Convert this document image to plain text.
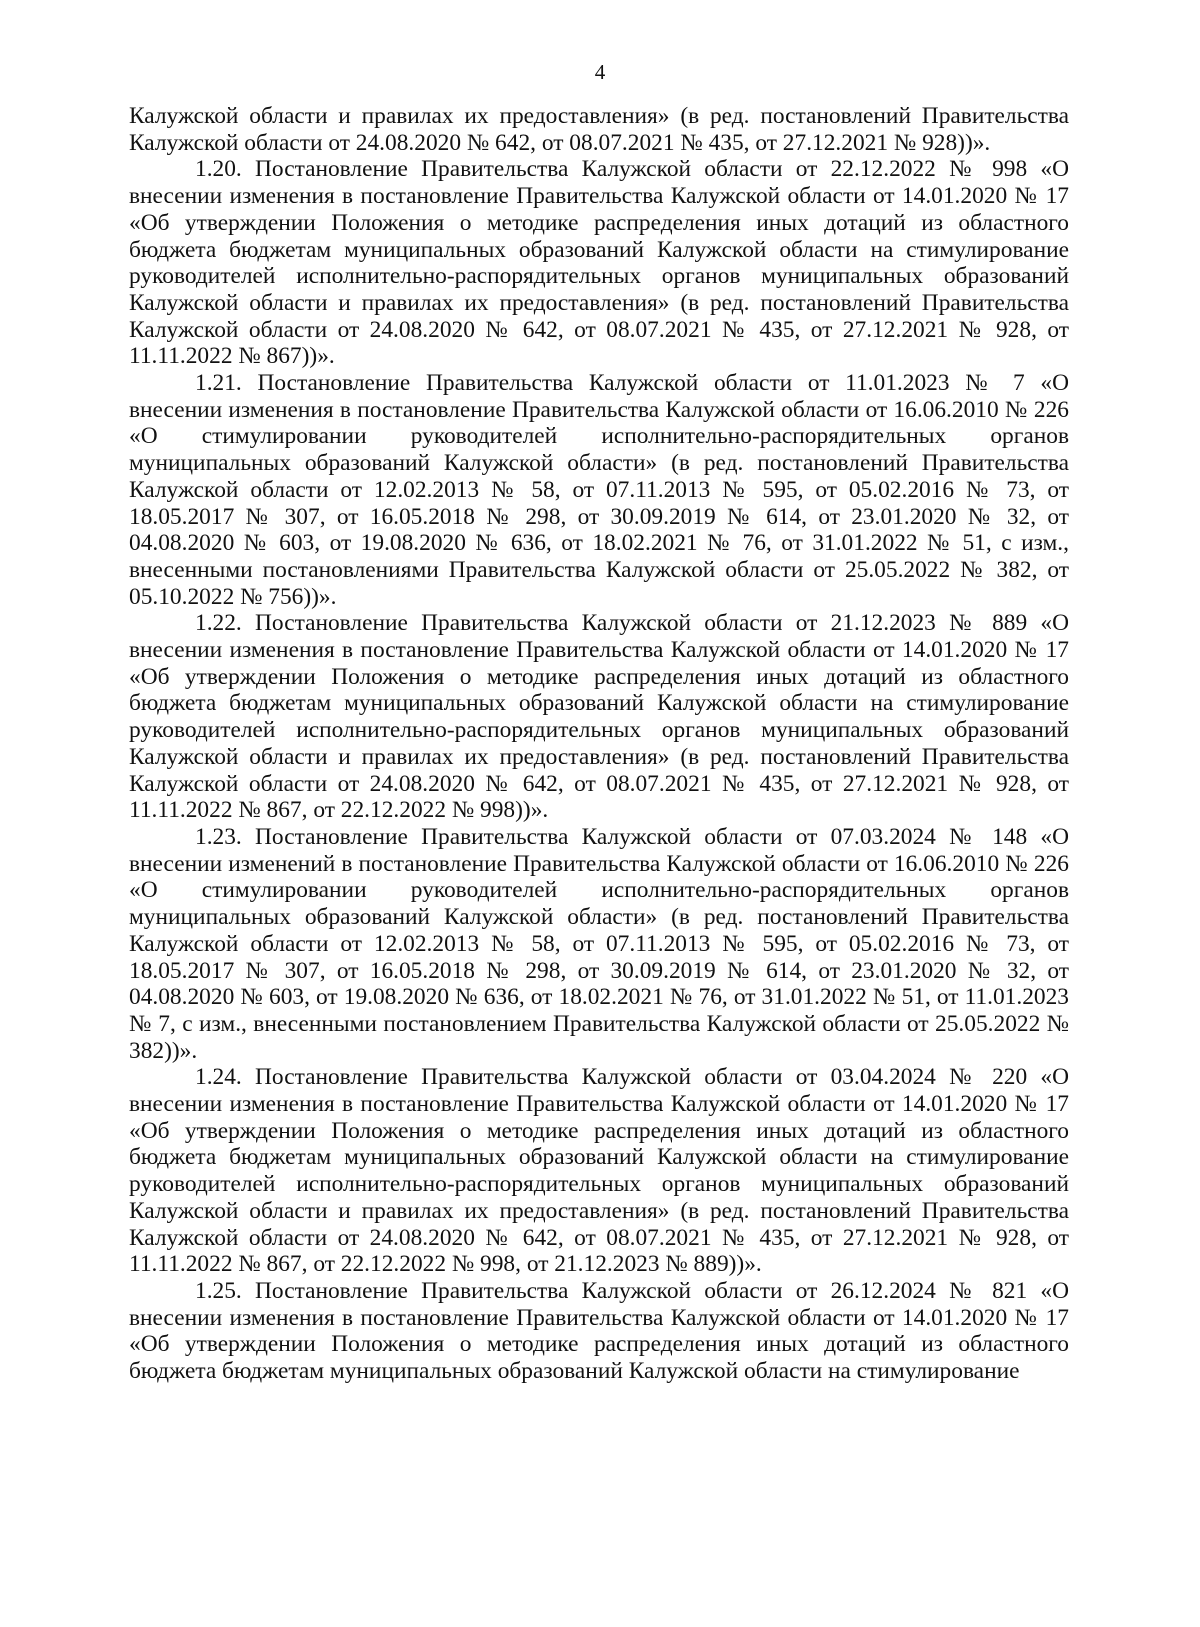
4

Калужской области и правилах их предоставления» (в ред. постановлений Правительства Калужской области от 24.08.2020 № 642, от 08.07.2021 № 435, от 27.12.2021 № 928))».

1.20. Постановление Правительства Калужской области от 22.12.2022 № 998 «О внесении изменения в постановление Правительства Калужской области от 14.01.2020 № 17 «Об утверждении Положения о методике распределения иных дотаций из областного бюджета бюджетам муниципальных образований Калужской области на стимулирование руководителей исполнительно-распорядительных органов муниципальных образований Калужской области и правилах их предоставления» (в ред. постановлений Правительства Калужской области от 24.08.2020 № 642, от 08.07.2021 № 435, от 27.12.2021 № 928, от 11.11.2022 № 867))».

1.21. Постановление Правительства Калужской области от 11.01.2023 № 7 «О внесении изменения в постановление Правительства Калужской области от 16.06.2010 № 226 «О стимулировании руководителей исполнительно-распорядительных органов муниципальных образований Калужской области» (в ред. постановлений Правительства Калужской области от 12.02.2013 № 58, от 07.11.2013 № 595, от 05.02.2016 № 73, от 18.05.2017 № 307, от 16.05.2018 № 298, от 30.09.2019 № 614, от 23.01.2020 № 32, от 04.08.2020 № 603, от 19.08.2020 № 636, от 18.02.2021 № 76, от 31.01.2022 № 51, с изм., внесенными постановлениями Правительства Калужской области от 25.05.2022 № 382, от 05.10.2022 № 756))».

1.22. Постановление Правительства Калужской области от 21.12.2023 № 889 «О внесении изменения в постановление Правительства Калужской области от 14.01.2020 № 17 «Об утверждении Положения о методике распределения иных дотаций из областного бюджета бюджетам муниципальных образований Калужской области на стимулирование руководителей исполнительно-распорядительных органов муниципальных образований Калужской области и правилах их предоставления» (в ред. постановлений Правительства Калужской области от 24.08.2020 № 642, от 08.07.2021 № 435, от 27.12.2021 № 928, от 11.11.2022 № 867, от 22.12.2022 № 998))».

1.23. Постановление Правительства Калужской области от 07.03.2024 № 148 «О внесении изменений в постановление Правительства Калужской области от 16.06.2010 № 226 «О стимулировании руководителей исполнительно-распорядительных органов муниципальных образований Калужской области» (в ред. постановлений Правительства Калужской области от 12.02.2013 № 58, от 07.11.2013 № 595, от 05.02.2016 № 73, от 18.05.2017 № 307, от 16.05.2018 № 298, от 30.09.2019 № 614, от 23.01.2020 № 32, от 04.08.2020 № 603, от 19.08.2020 № 636, от 18.02.2021 № 76, от 31.01.2022 № 51, от 11.01.2023 № 7, с изм., внесенными постановлением Правительства Калужской области от 25.05.2022 № 382))».

1.24. Постановление Правительства Калужской области от 03.04.2024 № 220 «О внесении изменения в постановление Правительства Калужской области от 14.01.2020 № 17 «Об утверждении Положения о методике распределения иных дотаций из областного бюджета бюджетам муниципальных образований Калужской области на стимулирование руководителей исполнительно-распорядительных органов муниципальных образований Калужской области и правилах их предоставления» (в ред. постановлений Правительства Калужской области от 24.08.2020 № 642, от 08.07.2021 № 435, от 27.12.2021 № 928, от 11.11.2022 № 867, от 22.12.2022 № 998, от 21.12.2023 № 889))».

1.25. Постановление Правительства Калужской области от 26.12.2024 № 821 «О внесении изменения в постановление Правительства Калужской области от 14.01.2020 № 17 «Об утверждении Положения о методике распределения иных дотаций из областного бюджета бюджетам муниципальных образований Калужской области на стимулирование
